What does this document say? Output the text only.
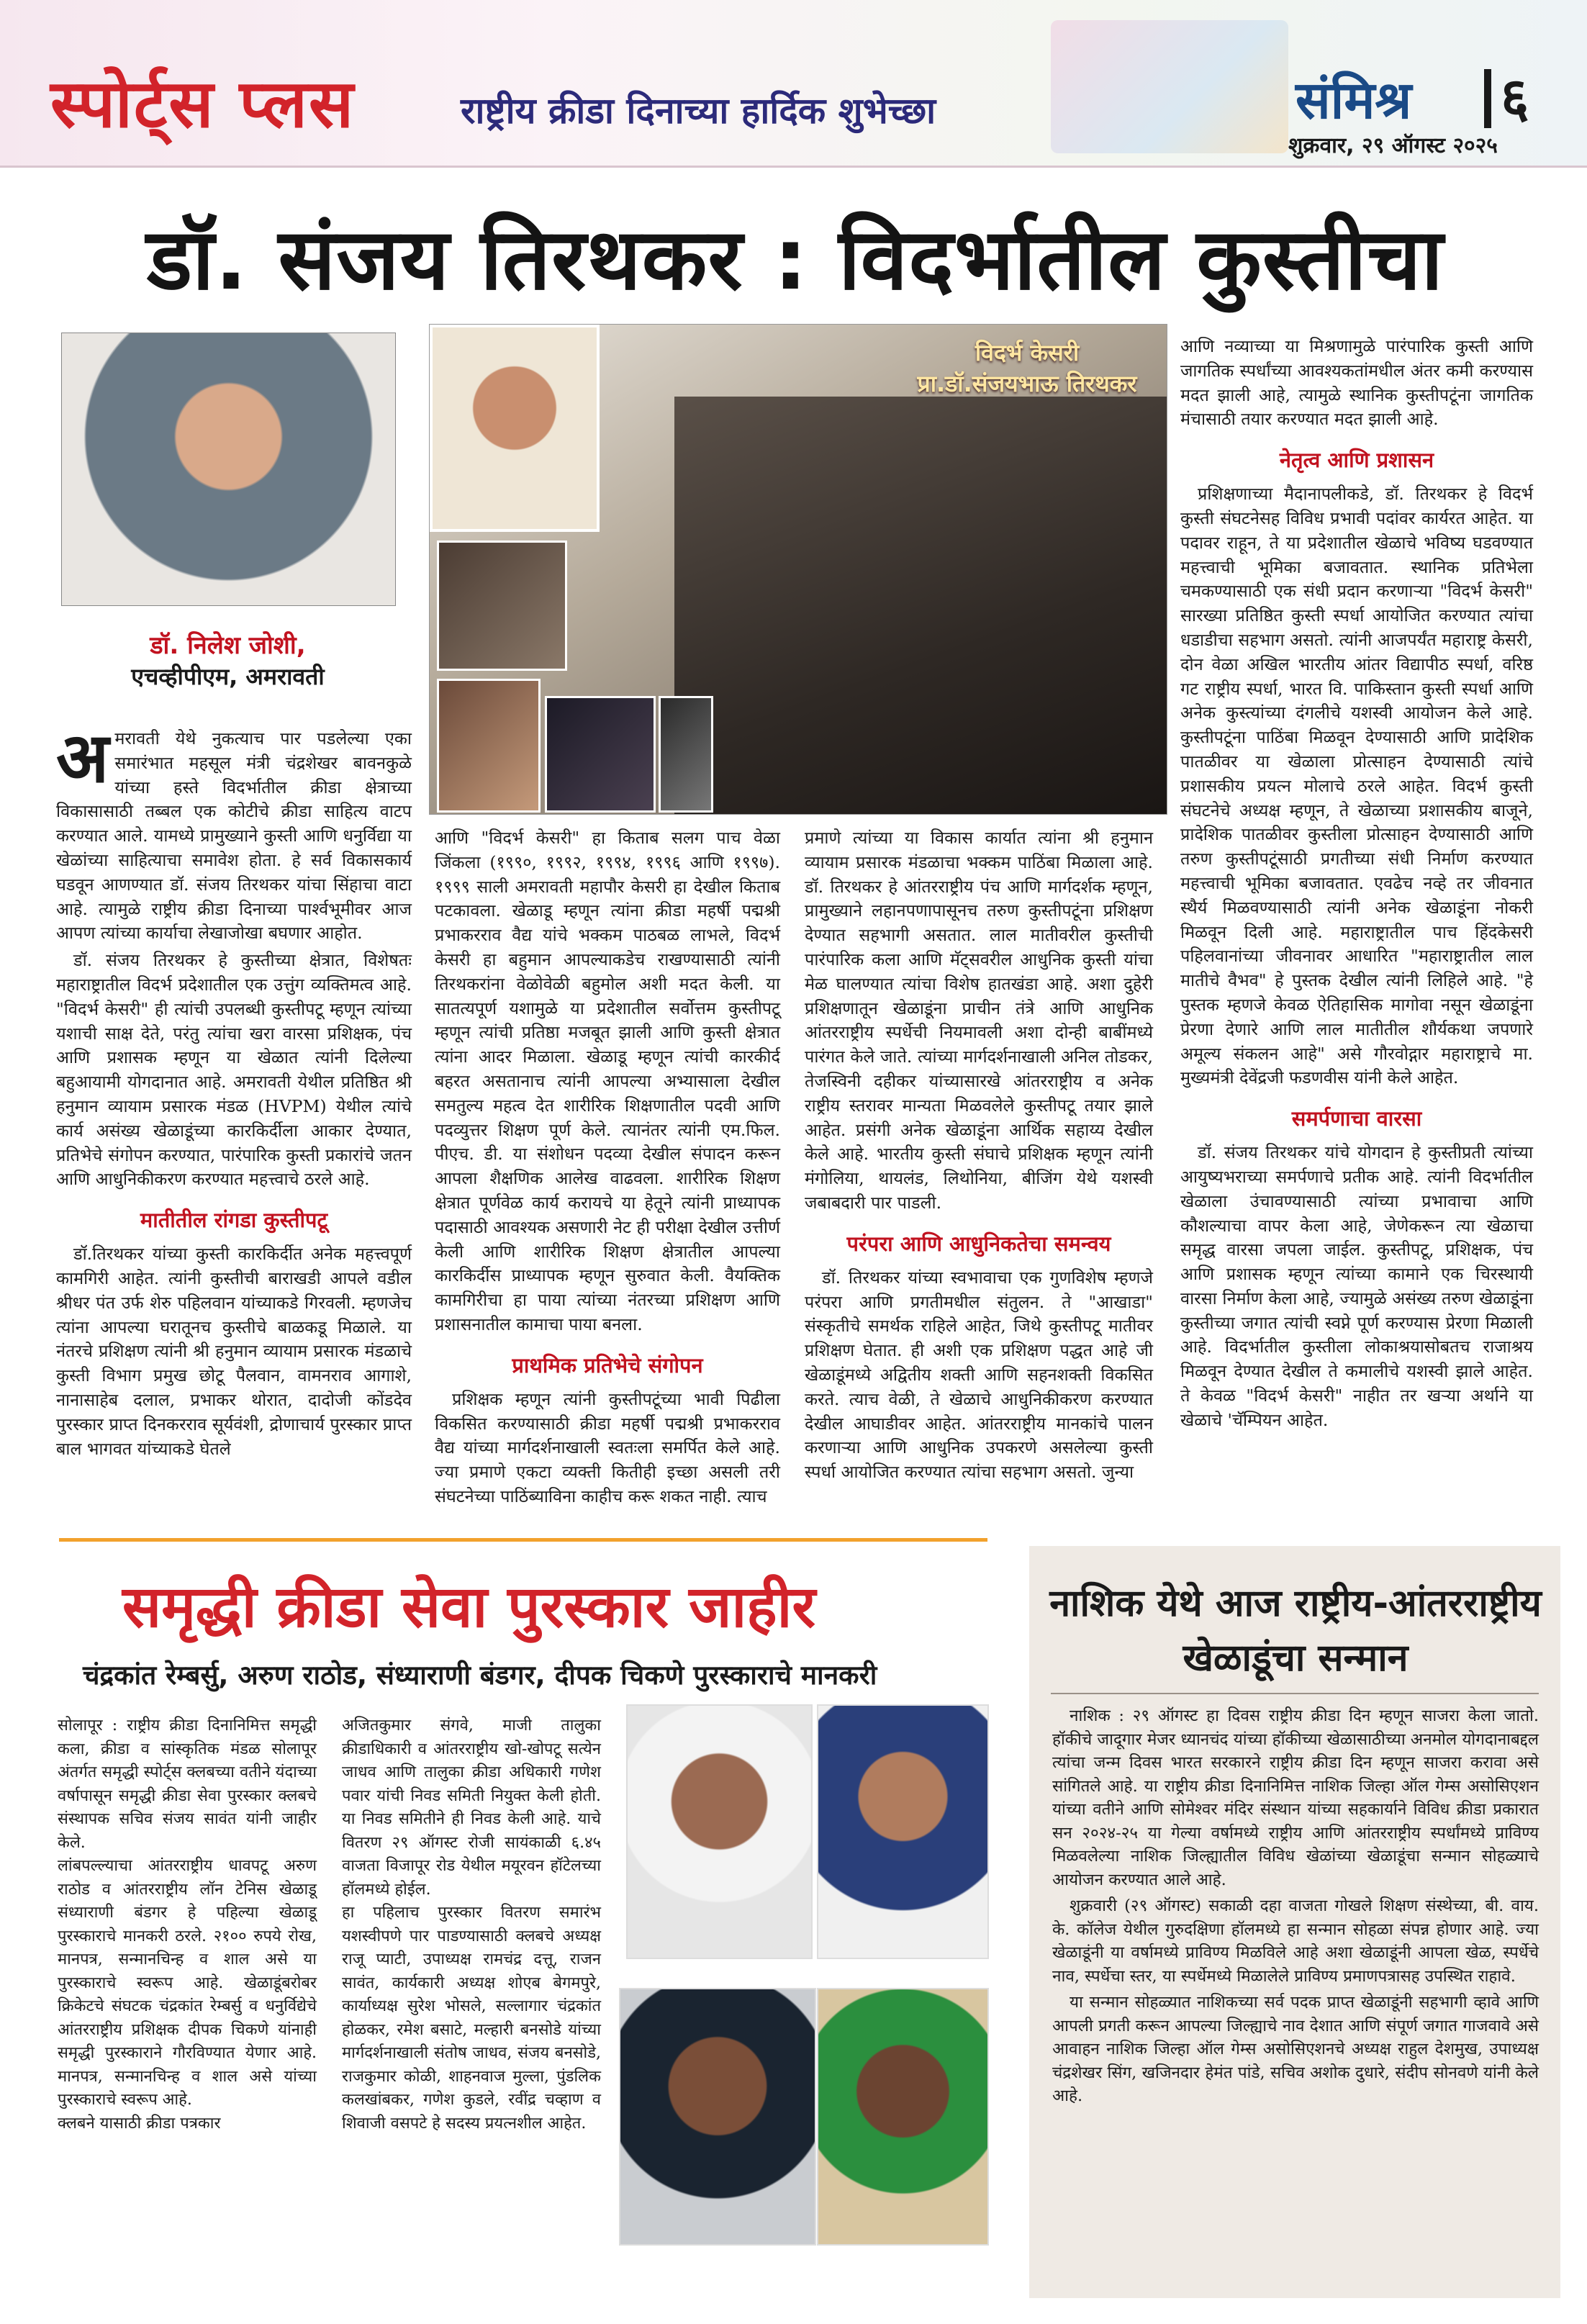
स्पोर्ट्स प्लस	राष्ट्रीय क्रीडा दिनाच्या हार्दिक शुभेच्छा	संमिश्र ६
शुक्रवार, २९ ऑगस्ट २०२५
डॉ. संजय तिरथकर : विदर्भातील कुस्तीचा
डॉ. निलेश जोशी,
एचव्हीपीएम, अमरावती
विदर्भ केसरी
प्रा.डॉ.संजयभाऊ तिरथकर

अमरावती येथे नुकत्याच पार पडलेल्या एका समारंभात महसूल मंत्री चंद्रशेखर बावनकुळे यांच्या हस्ते विदर्भातील क्रीडा क्षेत्राच्या विकासासाठी तब्बल एक कोटीचे क्रीडा साहित्य वाटप करण्यात आले. यामध्ये प्रामुख्याने कुस्ती आणि धनुर्विद्या या खेळांच्या साहित्याचा समावेश होता. हे सर्व विकासकार्य घडवून आणण्यात डॉ. संजय तिरथकर यांचा सिंहाचा वाटा आहे. त्यामुळे राष्ट्रीय क्रीडा दिनाच्या पार्श्वभूमीवर आज आपण त्यांच्या कार्याचा लेखाजोखा बघणार आहोत.

डॉ. संजय तिरथकर हे कुस्तीच्या क्षेत्रात, विशेषतः महाराष्ट्रातील विदर्भ प्रदेशातील एक उत्तुंग व्यक्तिमत्व आहे. "विदर्भ केसरी" ही त्यांची उपलब्धी कुस्तीपटू म्हणून त्यांच्या यशाची साक्ष देते, परंतु त्यांचा खरा वारसा प्रशिक्षक, पंच आणि प्रशासक म्हणून या खेळात त्यांनी दिलेल्या बहुआयामी योगदानात आहे. अमरावती येथील प्रतिष्ठित श्री हनुमान व्यायाम प्रसारक मंडळ (HVPM) येथील त्यांचे कार्य असंख्य खेळाडूंच्या कारकिर्दीला आकार देण्यात, प्रतिभेचे संगोपन करण्यात, पारंपारिक कुस्ती प्रकारांचे जतन आणि आधुनिकीकरण करण्यात महत्त्वाचे ठरले आहे.

मातीतील रांगडा कुस्तीपटू

डॉ.तिरथकर यांच्या कुस्ती कारकिर्दीत अनेक महत्त्वपूर्ण कामगिरी आहेत. त्यांनी कुस्तीची बाराखडी आपले वडील श्रीधर पंत उर्फ शेरु पहिलवान यांच्याकडे गिरवली. म्हणजेच त्यांना आपल्या घरातूनच कुस्तीचे बाळकडू मिळाले. या नंतरचे प्रशिक्षण त्यांनी श्री हनुमान व्यायाम प्रसारक मंडळाचे कुस्ती विभाग प्रमुख छोटू पैलवान, वामनराव आगाशे, नानासाहेब दलाल, प्रभाकर थोरात, दादोजी कोंडदेव पुरस्कार प्राप्त दिनकरराव सूर्यवंशी, द्रोणाचार्य पुरस्कार प्राप्त बाल भागवत यांच्याकडे घेतले

आणि "विदर्भ केसरी" हा किताब सलग पाच वेळा जिंकला (१९९०, १९९२, १९९४, १९९६ आणि १९९७). १९९९ साली अमरावती महापौर केसरी हा देखील किताब पटकावला. खेळाडू म्हणून त्यांना क्रीडा महर्षी पद्मश्री प्रभाकरराव वैद्य यांचे भक्कम पाठबळ लाभले, विदर्भ केसरी हा बहुमान आपल्याकडेच राखण्यासाठी त्यांनी तिरथकरांना वेळोवेळी बहुमोल अशी मदत केली. या सातत्यपूर्ण यशामुळे या प्रदेशातील सर्वोत्तम कुस्तीपटू म्हणून त्यांची प्रतिष्ठा मजबूत झाली आणि कुस्ती क्षेत्रात त्यांना आदर मिळाला. खेळाडू म्हणून त्यांची कारकीर्द बहरत असतानाच त्यांनी आपल्या अभ्यासाला देखील समतुल्य महत्व देत शारीरिक शिक्षणातील पदवी आणि पदव्युत्तर शिक्षण पूर्ण केले. त्यानंतर त्यांनी एम.फिल. पीएच. डी. या संशोधन पदव्या देखील संपादन करून आपला शैक्षणिक आलेख वाढवला. शारीरिक शिक्षण क्षेत्रात पूर्णवेळ कार्य करायचे या हेतूने त्यांनी प्राध्यापक पदासाठी आवश्यक असणारी नेट ही परीक्षा देखील उत्तीर्ण केली आणि शारीरिक शिक्षण क्षेत्रातील आपल्या कारकिर्दीस प्राध्यापक म्हणून सुरुवात केली. वैयक्तिक कामगिरीचा हा पाया त्यांच्या नंतरच्या प्रशिक्षण आणि प्रशासनातील कामाचा पाया बनला.

प्राथमिक प्रतिभेचे संगोपन

प्रशिक्षक म्हणून त्यांनी कुस्तीपटूंच्या भावी पिढीला विकसित करण्यासाठी क्रीडा महर्षी पद्मश्री प्रभाकरराव वैद्य यांच्या मार्गदर्शनाखाली स्वतःला समर्पित केले आहे. ज्या प्रमाणे एकटा व्यक्ती कितीही इच्छा असली तरी संघटनेच्या पाठिंब्याविना काहीच करू शकत नाही. त्याच

प्रमाणे त्यांच्या या विकास कार्यात त्यांना श्री हनुमान व्यायाम प्रसारक मंडळाचा भक्कम पाठिंबा मिळाला आहे. डॉ. तिरथकर हे आंतरराष्ट्रीय पंच आणि मार्गदर्शक म्हणून, प्रामुख्याने लहानपणापासूनच तरुण कुस्तीपटूंना प्रशिक्षण देण्यात सहभागी असतात. लाल मातीवरील कुस्तीची पारंपारिक कला आणि मॅट्सवरील आधुनिक कुस्ती यांचा मेळ घालण्यात त्यांचा विशेष हातखंडा आहे. अशा दुहेरी प्रशिक्षणातून खेळाडूंना प्राचीन तंत्रे आणि आधुनिक आंतरराष्ट्रीय स्पर्धेची नियमावली अशा दोन्ही बाबींमध्ये पारंगत केले जाते. त्यांच्या मार्गदर्शनाखाली अनिल तोडकर, तेजस्विनी दहीकर यांच्यासारखे आंतरराष्ट्रीय व अनेक राष्ट्रीय स्तरावर मान्यता मिळवलेले कुस्तीपटू तयार झाले आहेत. प्रसंगी अनेक खेळाडूंना आर्थिक सहाय्य देखील केले आहे. भारतीय कुस्ती संघाचे प्रशिक्षक म्हणून त्यांनी मंगोलिया, थायलंड, लिथोनिया, बीजिंग येथे यशस्वी जबाबदारी पार पाडली.

परंपरा आणि आधुनिकतेचा समन्वय

डॉ. तिरथकर यांच्या स्वभावाचा एक गुणविशेष म्हणजे परंपरा आणि प्रगतीमधील संतुलन. ते "आखाडा" संस्कृतीचे समर्थक राहिले आहेत, जिथे कुस्तीपटू मातीवर प्रशिक्षण घेतात. ही अशी एक प्रशिक्षण पद्धत आहे जी खेळाडूंमध्ये अद्वितीय शक्ती आणि सहनशक्ती विकसित करते. त्याच वेळी, ते खेळाचे आधुनिकीकरण करण्यात देखील आघाडीवर आहेत. आंतरराष्ट्रीय मानकांचे पालन करणाऱ्या आणि आधुनिक उपकरणे असलेल्या कुस्ती स्पर्धा आयोजित करण्यात त्यांचा सहभाग असतो. जुन्या

आणि नव्याच्या या मिश्रणामुळे पारंपारिक कुस्ती आणि जागतिक स्पर्धांच्या आवश्यकतांमधील अंतर कमी करण्यास मदत झाली आहे, त्यामुळे स्थानिक कुस्तीपटूंना जागतिक मंचासाठी तयार करण्यात मदत झाली आहे.

नेतृत्व आणि प्रशासन

प्रशिक्षणाच्या मैदानापलीकडे, डॉ. तिरथकर हे विदर्भ कुस्ती संघटनेसह विविध प्रभावी पदांवर कार्यरत आहेत. या पदावर राहून, ते या प्रदेशातील खेळाचे भविष्य घडवण्यात महत्त्वाची भूमिका बजावतात. स्थानिक प्रतिभेला चमकण्यासाठी एक संधी प्रदान करणाऱ्या "विदर्भ केसरी" सारख्या प्रतिष्ठित कुस्ती स्पर्धा आयोजित करण्यात त्यांचा धडाडीचा सहभाग असतो. त्यांनी आजपर्यंत महाराष्ट्र केसरी, दोन वेळा अखिल भारतीय आंतर विद्यापीठ स्पर्धा, वरिष्ठ गट राष्ट्रीय स्पर्धा, भारत वि. पाकिस्तान कुस्ती स्पर्धा आणि अनेक कुस्त्यांच्या दंगलीचे यशस्वी आयोजन केले आहे. कुस्तीपटूंना पाठिंबा मिळवून देण्यासाठी आणि प्रादेशिक पातळीवर या खेळाला प्रोत्साहन देण्यासाठी त्यांचे प्रशासकीय प्रयत्न मोलाचे ठरले आहेत. विदर्भ कुस्ती संघटनेचे अध्यक्ष म्हणून, ते खेळाच्या प्रशासकीय बाजूने, प्रादेशिक पातळीवर कुस्तीला प्रोत्साहन देण्यासाठी आणि तरुण कुस्तीपटूंसाठी प्रगतीच्या संधी निर्माण करण्यात महत्त्वाची भूमिका बजावतात. एवढेच नव्हे तर जीवनात स्थैर्य मिळवण्यासाठी त्यांनी अनेक खेळाडूंना नोकरी मिळवून दिली आहे. महाराष्ट्रातील पाच हिंदकेसरी पहिलवानांच्या जीवनावर आधारित "महाराष्ट्रातील लाल मातीचे वैभव" हे पुस्तक देखील त्यांनी लिहिले आहे. "हे पुस्तक म्हणजे केवळ ऐतिहासिक मागोवा नसून खेळाडूंना प्रेरणा देणारे आणि लाल मातीतील शौर्यकथा जपणारे अमूल्य संकलन आहे" असे गौरवोद्गार महाराष्ट्राचे मा. मुख्यमंत्री देवेंद्रजी फडणवीस यांनी केले आहेत.

समर्पणाचा वारसा

डॉ. संजय तिरथकर यांचे योगदान हे कुस्तीप्रती त्यांच्या आयुष्यभराच्या समर्पणाचे प्रतीक आहे. त्यांनी विदर्भातील खेळाला उंचावण्यासाठी त्यांच्या प्रभावाचा आणि कौशल्याचा वापर केला आहे, जेणेकरून त्या खेळाचा समृद्ध वारसा जपला जाईल. कुस्तीपटू, प्रशिक्षक, पंच आणि प्रशासक म्हणून त्यांच्या कामाने एक चिरस्थायी वारसा निर्माण केला आहे, ज्यामुळे असंख्य तरुण खेळाडूंना कुस्तीच्या जगात त्यांची स्वप्ने पूर्ण करण्यास प्रेरणा मिळाली आहे. विदर्भातील कुस्तीला लोकाश्रयासोबतच राजाश्रय मिळवून देण्यात देखील ते कमालीचे यशस्वी झाले आहेत. ते केवळ "विदर्भ केसरी" नाहीत तर खऱ्या अर्थाने या खेळाचे 'चॅम्पियन आहेत.

समृद्धी क्रीडा सेवा पुरस्कार जाहीर
चंद्रकांत रेम्बर्सु, अरुण राठोड, संध्याराणी बंडगर, दीपक चिकणे पुरस्काराचे मानकरी
सोलापूर : राष्ट्रीय क्रीडा दिनानिमित्त समृद्धी कला, क्रीडा व सांस्कृतिक मंडळ सोलापूर अंतर्गत समृद्धी स्पोर्ट्स क्लबच्या वतीने यंदाच्या वर्षापासून समृद्धी क्रीडा सेवा पुरस्कार क्लबचे संस्थापक सचिव संजय सावंत यांनी जाहीर केले.
लांबपल्ल्याचा आंतरराष्ट्रीय धावपटू अरुण राठोड व आंतरराष्ट्रीय लॉन टेनिस खेळाडू संध्याराणी बंडगर हे पहिल्या खेळाडू पुरस्काराचे मानकरी ठरले. २१०० रुपये रोख, मानपत्र, सन्मानचिन्ह व शाल असे या पुरस्काराचे स्वरूप आहे. खेळाडूंबरोबर क्रिकेटचे संघटक चंद्रकांत रेम्बर्सु व धनुर्विद्येचे आंतरराष्ट्रीय प्रशिक्षक दीपक चिकणे यांनाही समृद्धी पुरस्काराने गौरविण्यात येणार आहे. मानपत्र, सन्मानचिन्ह व शाल असे यांच्या पुरस्काराचे स्वरूप आहे.
क्लबने यासाठी क्रीडा पत्रकार
अजितकुमार संगवे, माजी तालुका क्रीडाधिकारी व आंतरराष्ट्रीय खो-खोपटू सत्येन जाधव आणि तालुका क्रीडा अधिकारी गणेश पवार यांची निवड समिती नियुक्त केली होती. या निवड समितीने ही निवड केली आहे. याचे वितरण २९ ऑगस्ट रोजी सायंकाळी ६.४५ वाजता विजापूर रोड येथील मयूरवन हॉटेलच्या हॉलमध्ये होईल.
हा पहिलाच पुरस्कार वितरण समारंभ यशस्वीपणे पार पाडण्यासाठी क्लबचे अध्यक्ष राजू प्याटी, उपाध्यक्ष रामचंद्र दत्तू, राजन सावंत, कार्यकारी अध्यक्ष शोएब बेगमपुरे, कार्याध्यक्ष सुरेश भोसले, सल्लागार चंद्रकांत होळकर, रमेश बसाटे, मल्हारी बनसोडे यांच्या मार्गदर्शनाखाली संतोष जाधव, संजय बनसोडे, राजकुमार कोळी, शाहनवाज मुल्ला, पुंडलिक कलखांबकर, गणेश कुडले, रवींद्र चव्हाण व शिवाजी वसपटे हे सदस्य प्रयत्नशील आहेत.
नाशिक येथे आज राष्ट्रीय-आंतरराष्ट्रीय खेळाडूंचा सन्मान

नाशिक : २९ ऑगस्ट हा दिवस राष्ट्रीय क्रीडा दिन म्हणून साजरा केला जातो. हॉकीचे जादूगार मेजर ध्यानचंद यांच्या हॉकीच्या खेळासाठीच्या अनमोल योगदानाबद्दल त्यांचा जन्म दिवस भारत सरकारने राष्ट्रीय क्रीडा दिन म्हणून साजरा करावा असे सांगितले आहे. या राष्ट्रीय क्रीडा दिनानिमित्त नाशिक जिल्हा ऑल गेम्स असोसिएशन यांच्या वतीने आणि सोमेश्वर मंदिर संस्थान यांच्या सहकार्याने विविध क्रीडा प्रकारात सन २०२४-२५ या गेल्या वर्षामध्ये राष्ट्रीय आणि आंतरराष्ट्रीय स्पर्धांमध्ये प्राविण्य मिळवलेल्या नाशिक जिल्ह्यातील विविध खेळांच्या खेळाडूंचा सन्मान सोहळ्याचे आयोजन करण्यात आले आहे.

शुक्रवारी (२९ ऑगस्ट) सकाळी दहा वाजता गोखले शिक्षण संस्थेच्या, बी. वाय. के. कॉलेज येथील गुरुदक्षिणा हॉलमध्ये हा सन्मान सोहळा संपन्न होणार आहे. ज्या खेळाडूंनी या वर्षामध्ये प्राविण्य मिळविले आहे अशा खेळाडूंनी आपला खेळ, स्पर्धेचे नाव, स्पर्धेचा स्तर, या स्पर्धेमध्ये मिळालेले प्राविण्य प्रमाणपत्रासह उपस्थित राहावे.

या सन्मान सोहळ्यात नाशिकच्या सर्व पदक प्राप्त खेळाडूंनी सहभागी व्हावे आणि आपली प्रगती करून आपल्या जिल्ह्याचे नाव देशात आणि संपूर्ण जगात गाजवावे असे आवाहन नाशिक जिल्हा ऑल गेम्स असोसिएशनचे अध्यक्ष राहुल देशमुख, उपाध्यक्ष चंद्रशेखर सिंग, खजिनदार हेमंत पांडे, सचिव अशोक दुधारे, संदीप सोनवणे यांनी केले आहे.
